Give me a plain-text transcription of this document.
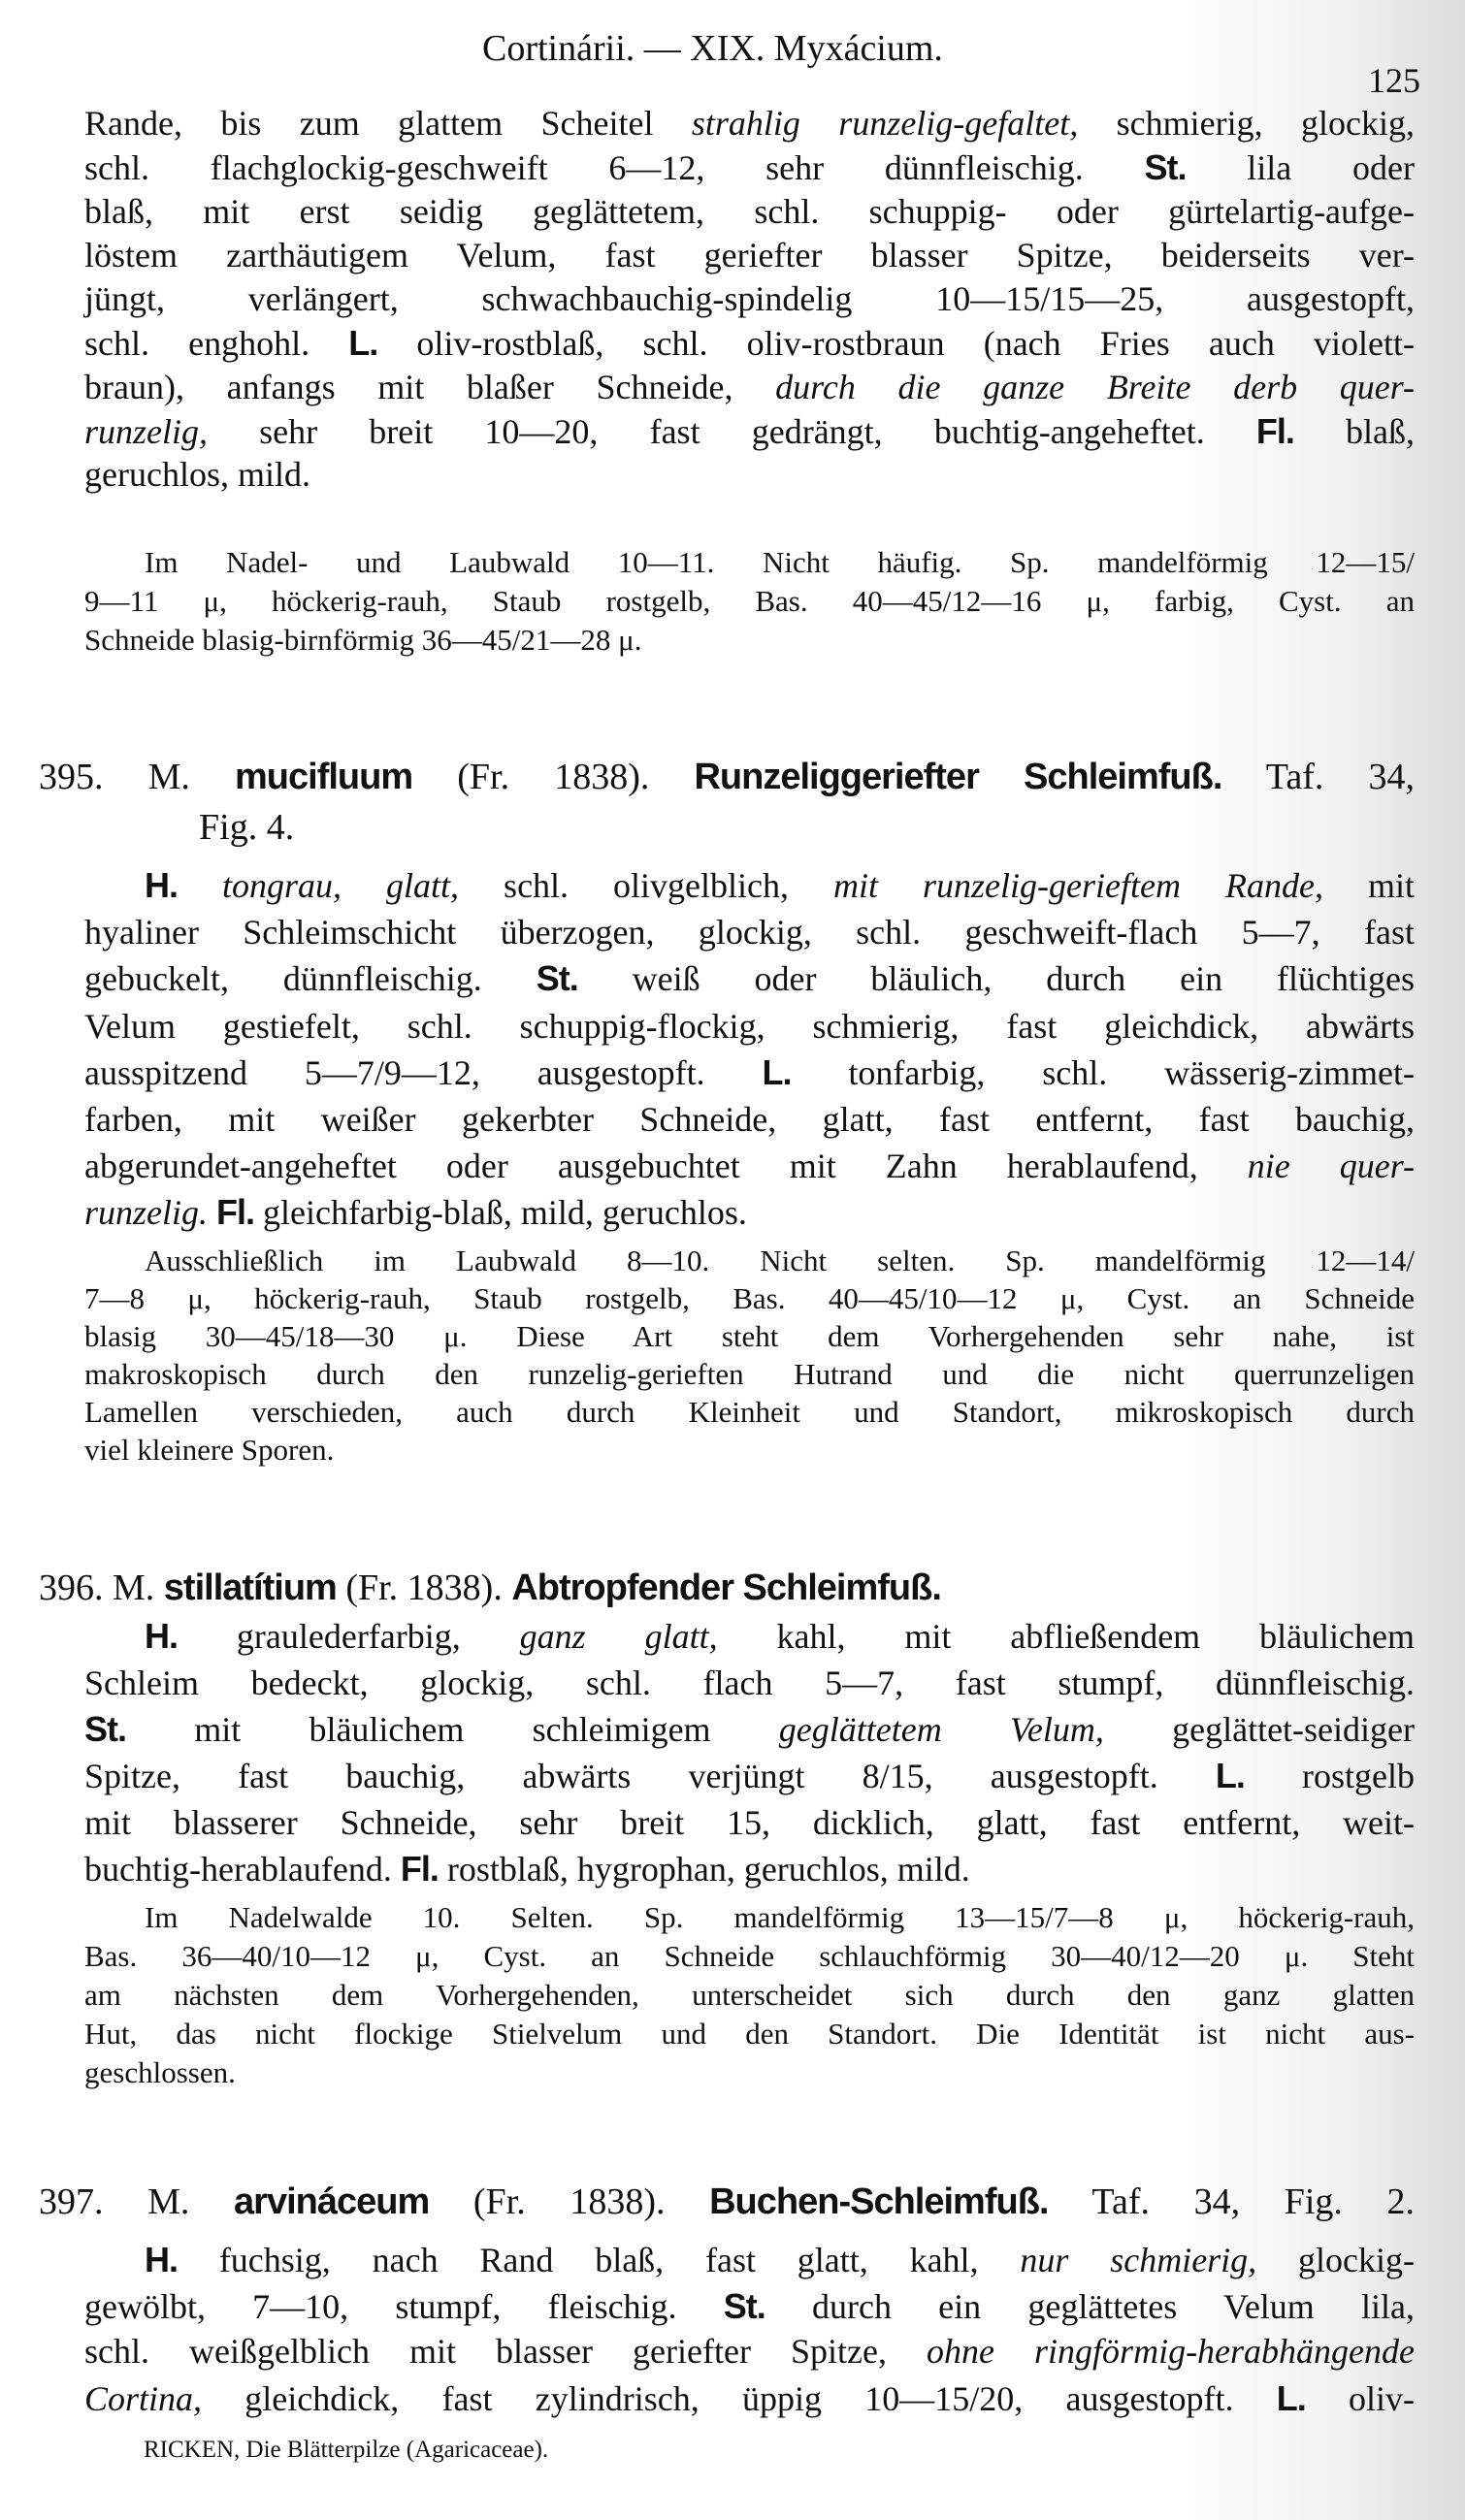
Cortinárii. — XIX. Myxácium.
125
Rande, bis zum glattem Scheitel strahlig runzelig-gefaltet, schmierig, glockig,
schl. flachglockig-geschweift 6—12, sehr dünnfleischig. St. lila oder
blaß, mit erst seidig geglättetem, schl. schuppig- oder gürtelartig-aufge-
löstem zarthäutigem Velum, fast geriefter blasser Spitze, beiderseits ver-
jüngt, verlängert, schwachbauchig-spindelig 10—15/15—25, ausgestopft,
schl. enghohl. L. oliv-rostblaß, schl. oliv-rostbraun (nach Fries auch violett-
braun), anfangs mit blaßer Schneide, durch die ganze Breite derb quer-
runzelig, sehr breit 10—20, fast gedrängt, buchtig-angeheftet. Fl. blaß,
geruchlos, mild.
Im Nadel- und Laubwald 10—11. Nicht häufig. Sp. mandelförmig 12—15/
9—11 μ, höckerig-rauh, Staub rostgelb, Bas. 40—45/12—16 μ, farbig, Cyst. an
Schneide blasig-birnförmig 36—45/21—28 μ.
395. M. mucifluum (Fr. 1838). Runzeliggeriefter Schleimfuß. Taf. 34,
Fig. 4.
H. tongrau, glatt, schl. olivgelblich, mit runzelig-gerieftem Rande, mit
hyaliner Schleimschicht überzogen, glockig, schl. geschweift-flach 5—7, fast
gebuckelt, dünnfleischig. St. weiß oder bläulich, durch ein flüchtiges
Velum gestiefelt, schl. schuppig-flockig, schmierig, fast gleichdick, abwärts
ausspitzend 5—7/9—12, ausgestopft. L. tonfarbig, schl. wässerig-zimmet-
farben, mit weißer gekerbter Schneide, glatt, fast entfernt, fast bauchig,
abgerundet-angeheftet oder ausgebuchtet mit Zahn herablaufend, nie quer-
runzelig. Fl. gleichfarbig-blaß, mild, geruchlos.
Ausschließlich im Laubwald 8—10. Nicht selten. Sp. mandelförmig 12—14/
7—8 μ, höckerig-rauh, Staub rostgelb, Bas. 40—45/10—12 μ, Cyst. an Schneide
blasig 30—45/18—30 μ. Diese Art steht dem Vorhergehenden sehr nahe, ist
makroskopisch durch den runzelig-gerieften Hutrand und die nicht querrunzeligen
Lamellen verschieden, auch durch Kleinheit und Standort, mikroskopisch durch
viel kleinere Sporen.
396. M. stillatítium (Fr. 1838). Abtropfender Schleimfuß.
H. graulederfarbig, ganz glatt, kahl, mit abfließendem bläulichem
Schleim bedeckt, glockig, schl. flach 5—7, fast stumpf, dünnfleischig.
St. mit bläulichem schleimigem geglättetem Velum, geglättet-seidiger
Spitze, fast bauchig, abwärts verjüngt 8/15, ausgestopft. L. rostgelb
mit blasserer Schneide, sehr breit 15, dicklich, glatt, fast entfernt, weit-
buchtig-herablaufend. Fl. rostblaß, hygrophan, geruchlos, mild.
Im Nadelwalde 10. Selten. Sp. mandelförmig 13—15/7—8 μ, höckerig-rauh,
Bas. 36—40/10—12 μ, Cyst. an Schneide schlauchförmig 30—40/12—20 μ. Steht
am nächsten dem Vorhergehenden, unterscheidet sich durch den ganz glatten
Hut, das nicht flockige Stielvelum und den Standort. Die Identität ist nicht aus-
geschlossen.
397. M. arvináceum (Fr. 1838). Buchen-Schleimfuß. Taf. 34, Fig. 2.
H. fuchsig, nach Rand blaß, fast glatt, kahl, nur schmierig, glockig-
gewölbt, 7—10, stumpf, fleischig. St. durch ein geglättetes Velum lila,
schl. weißgelblich mit blasser geriefter Spitze, ohne ringförmig-herabhängende
Cortina, gleichdick, fast zylindrisch, üppig 10—15/20, ausgestopft. L. oliv-
RICKEN, Die Blätterpilze (Agaricaceae).
